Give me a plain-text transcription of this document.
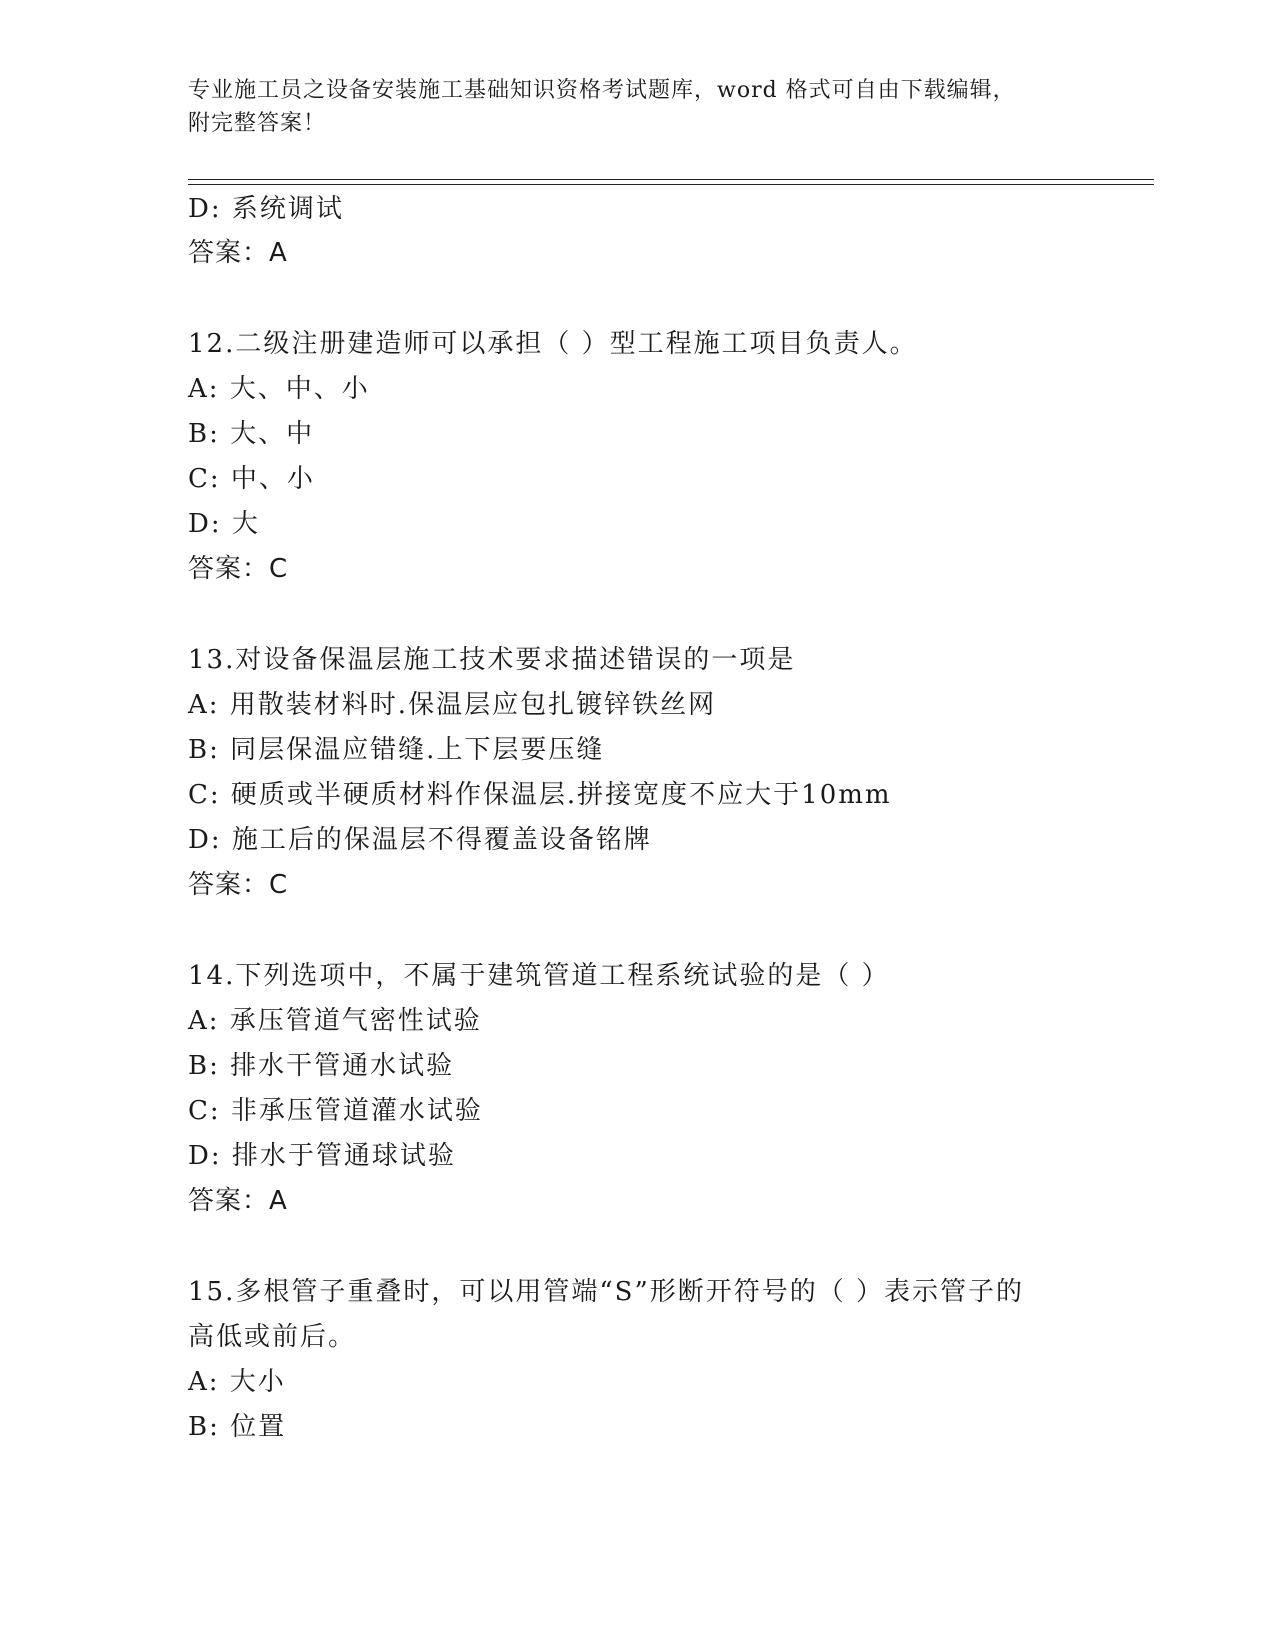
专业施工员之设备安装施工基础知识资格考试题库，word 格式可自由下载编辑，
附完整答案！
D: 系统调试
答案：A
12.二级注册建造师可以承担（ ）型工程施工项目负责人。
A: 大、中、小
B: 大、中
C: 中、小
D: 大
答案：C
13.对设备保温层施工技术要求描述错误的一项是
A: 用散装材料时.保温层应包扎镀锌铁丝网
B: 同层保温应错缝.上下层要压缝
C: 硬质或半硬质材料作保温层.拼接宽度不应大于10mm
D: 施工后的保温层不得覆盖设备铭牌
答案：C
14.下列选项中，不属于建筑管道工程系统试验的是（ ）
A: 承压管道气密性试验
B: 排水干管通水试验
C: 非承压管道灌水试验
D: 排水于管通球试验
答案：A
15.多根管子重叠时，可以用管端“S”形断开符号的（ ）表示管子的
高低或前后。
A: 大小
B: 位置
